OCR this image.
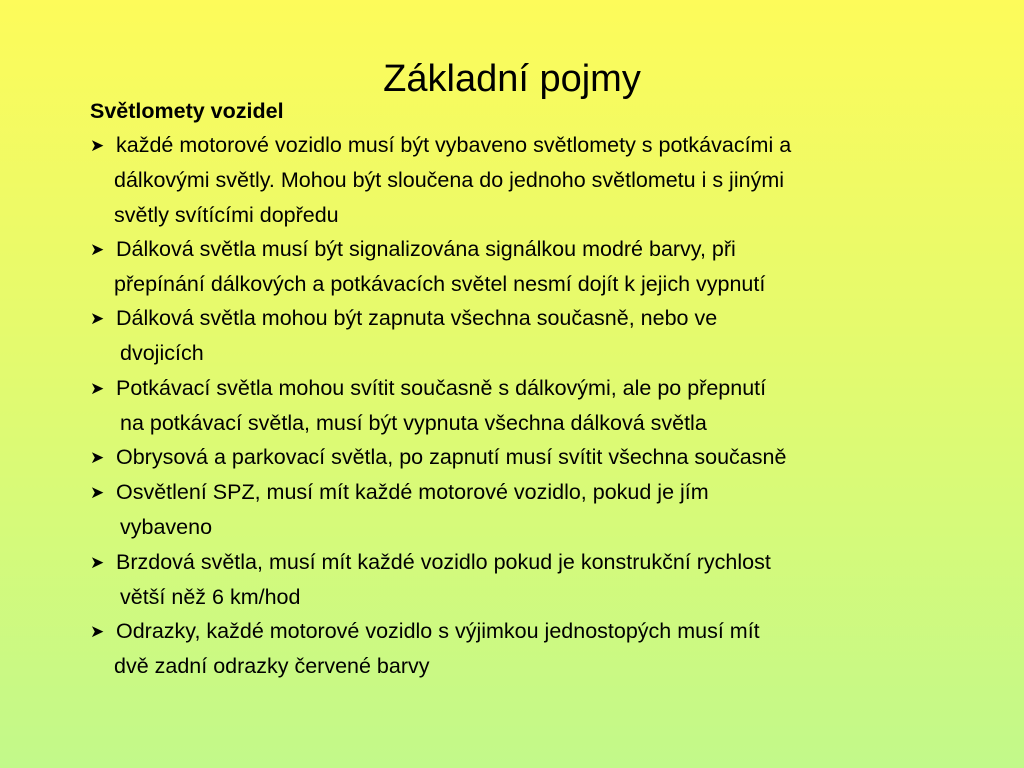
Základní pojmy

Světlomety vozidel

➤ každé motorové vozidlo musí být vybaveno světlomety s potkávacími a
dálkovými světly. Mohou být sloučena do jednoho světlometu i s jinými
světly svítícími dopředu
➤ Dálková světla musí být signalizována signálkou modré barvy, při
přepínání dálkových a potkávacích světel nesmí dojít k jejich vypnutí
➤ Dálková světla mohou být zapnuta všechna současně, nebo ve
dvojicích
➤ Potkávací světla mohou svítit současně s dálkovými, ale po přepnutí
na potkávací světla, musí být vypnuta všechna dálková světla
➤ Obrysová a parkovací světla, po zapnutí musí svítit všechna současně
➤ Osvětlení SPZ, musí mít každé motorové vozidlo, pokud je jím
vybaveno
➤ Brzdová světla, musí mít každé vozidlo pokud je konstrukční rychlost
větší něž 6 km/hod
➤ Odrazky, každé motorové vozidlo s výjimkou jednostopých musí mít
dvě zadní odrazky červené barvy
